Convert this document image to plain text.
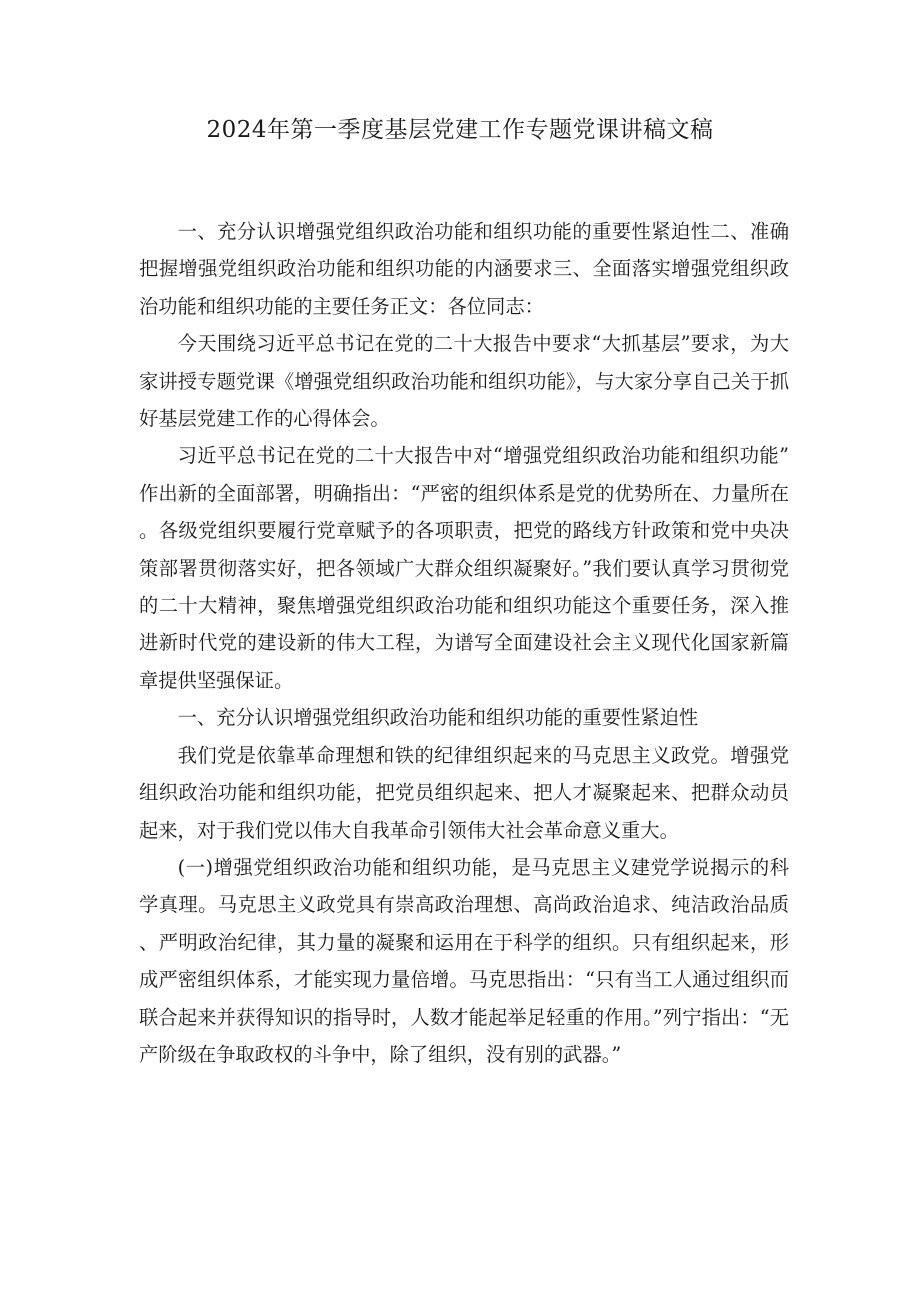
2024年第一季度基层党建工作专题党课讲稿文稿

一、充分认识增强党组织政治功能和组织功能的重要性紧迫性二、准确把握增强党组织政治功能和组织功能的内涵要求三、全面落实增强党组织政治功能和组织功能的主要任务正文：各位同志：

今天围绕习近平总书记在党的二十大报告中要求“大抓基层”要求，为大家讲授专题党课《增强党组织政治功能和组织功能》，与大家分享自己关于抓好基层党建工作的心得体会。

习近平总书记在党的二十大报告中对“增强党组织政治功能和组织功能”作出新的全面部署，明确指出：“严密的组织体系是党的优势所在、力量所在。各级党组织要履行党章赋予的各项职责，把党的路线方针政策和党中央决策部署贯彻落实好，把各领域广大群众组织凝聚好。”我们要认真学习贯彻党的二十大精神，聚焦增强党组织政治功能和组织功能这个重要任务，深入推进新时代党的建设新的伟大工程，为谱写全面建设社会主义现代化国家新篇章提供坚强保证。

一、充分认识增强党组织政治功能和组织功能的重要性紧迫性

我们党是依靠革命理想和铁的纪律组织起来的马克思主义政党。增强党组织政治功能和组织功能，把党员组织起来、把人才凝聚起来、把群众动员起来，对于我们党以伟大自我革命引领伟大社会革命意义重大。

(一)增强党组织政治功能和组织功能，是马克思主义建党学说揭示的科学真理。马克思主义政党具有崇高政治理想、高尚政治追求、纯洁政治品质、严明政治纪律，其力量的凝聚和运用在于科学的组织。只有组织起来，形成严密组织体系，才能实现力量倍增。马克思指出：“只有当工人通过组织而联合起来并获得知识的指导时，人数才能起举足轻重的作用。”列宁指出：“无产阶级在争取政权的斗争中，除了组织，没有别的武器。”
